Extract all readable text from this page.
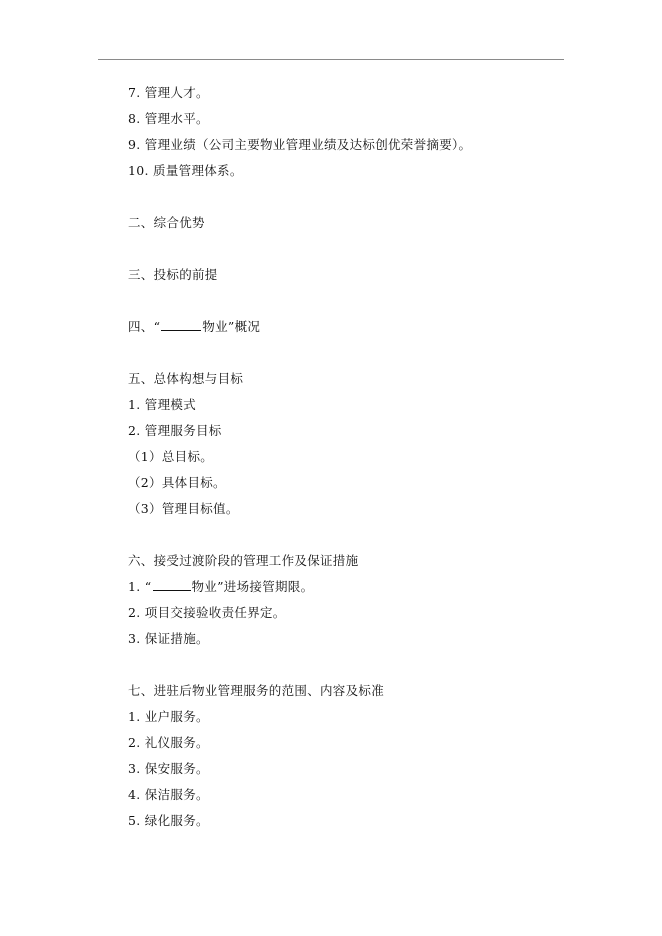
7. 管理人才。
8. 管理水平。
9. 管理业绩（公司主要物业管理业绩及达标创优荣誉摘要）。
10. 质量管理体系。
二、综合优势
三、投标的前提
四、“	物业”概况
五、总体构想与目标
1. 管理模式
2. 管理服务目标
（1）总目标。
（2）具体目标。
（3）管理目标值。
六、接受过渡阶段的管理工作及保证措施
1. “	物业”进场接管期限。
2. 项目交接验收责任界定。
3. 保证措施。
七、进驻后物业管理服务的范围、内容及标准
1. 业户服务。
2. 礼仪服务。
3. 保安服务。
4. 保洁服务。
5. 绿化服务。
